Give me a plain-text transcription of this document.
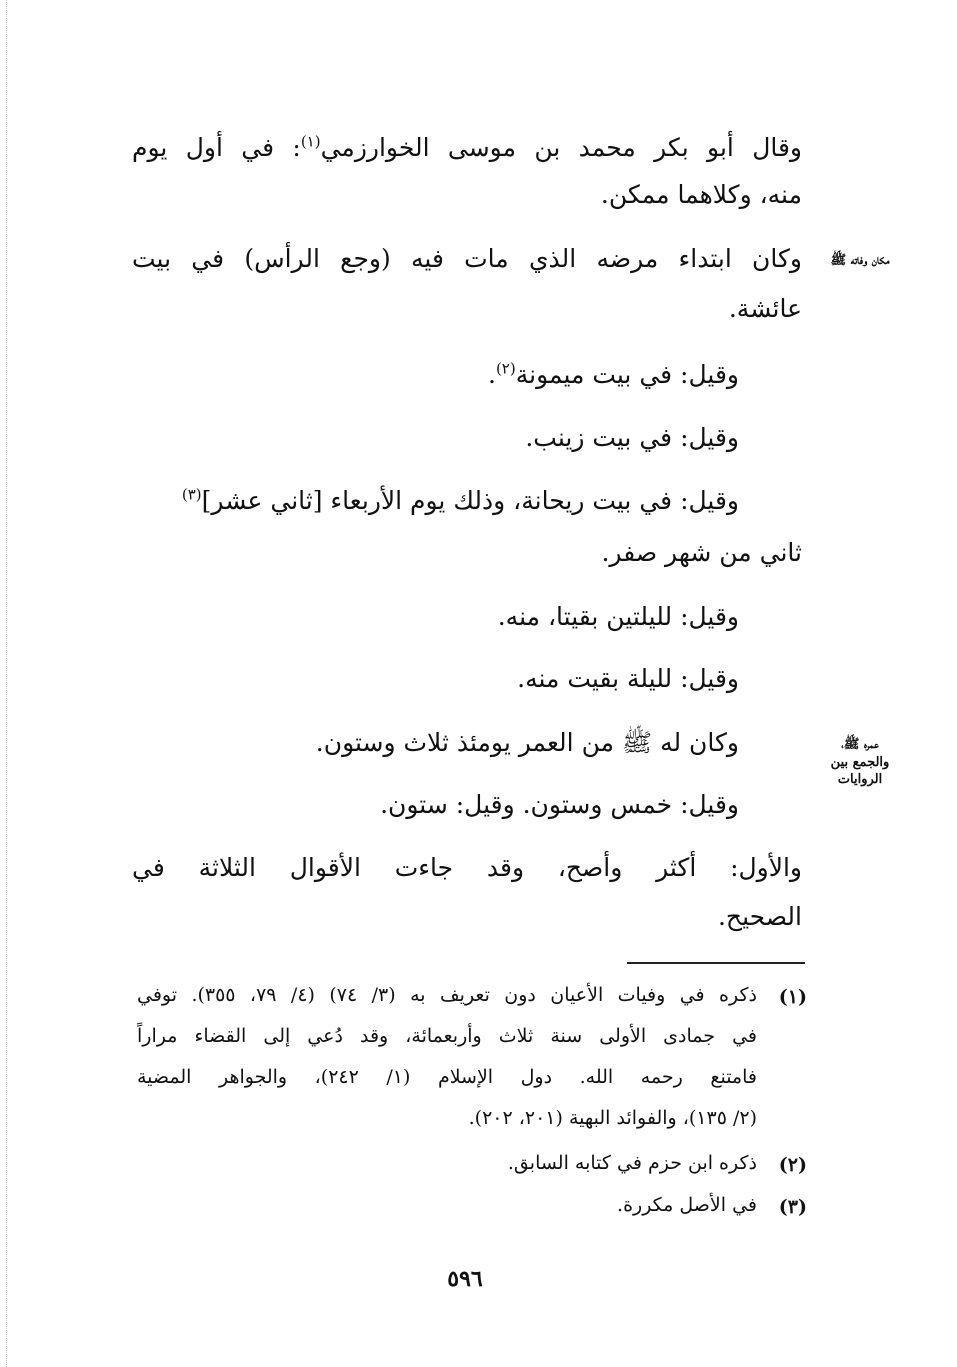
وقال أبو بكر محمد بن موسى الخوارزمي$^{(١)}$: في أول يوم
منه، وكلاهما ممكن.
وكان ابتداء مرضه الذي مات فيه (وجع الرأس) في بيت
عائشة.
وقيل: في بيت ميمونة$^{(٢)}$.
وقيل: في بيت زينب.
وقيل: في بيت ريحانة، وذلك يوم الأربعاء [ثاني عشر]$^{(٣)}$
ثاني من شهر صفر.
وقيل: لليلتين بقيتا، منه.
وقيل: لليلة بقيت منه.
وكان له ﷺ من العمر يومئذ ثلاث وستون.
وقيل: خمس وستون. وقيل: ستون.
والأول: أكثر وأصح، وقد جاءت الأقوال الثلاثة في
الصحيح.
مكان وفاته ﷺ
عمره ﷺ،
والجمع بين
الروايات
(١)
ذكره في وفيات الأعيان دون تعريف به (٣/ ٧٤) (٤/ ٧٩، ٣٥٥). توفي
في جمادى الأولى سنة ثلاث وأربعمائة، وقد دُعي إلى القضاء مراراً
فامتنع رحمه الله. دول الإسلام (١/ ٢٤٢)، والجواهر المضية
(٢/ ١٣٥)، والفوائد البهية (٢٠١، ٢٠٢).
(٢)
ذكره ابن حزم في كتابه السابق.
(٣)
في الأصل مكررة.
٥٩٦
